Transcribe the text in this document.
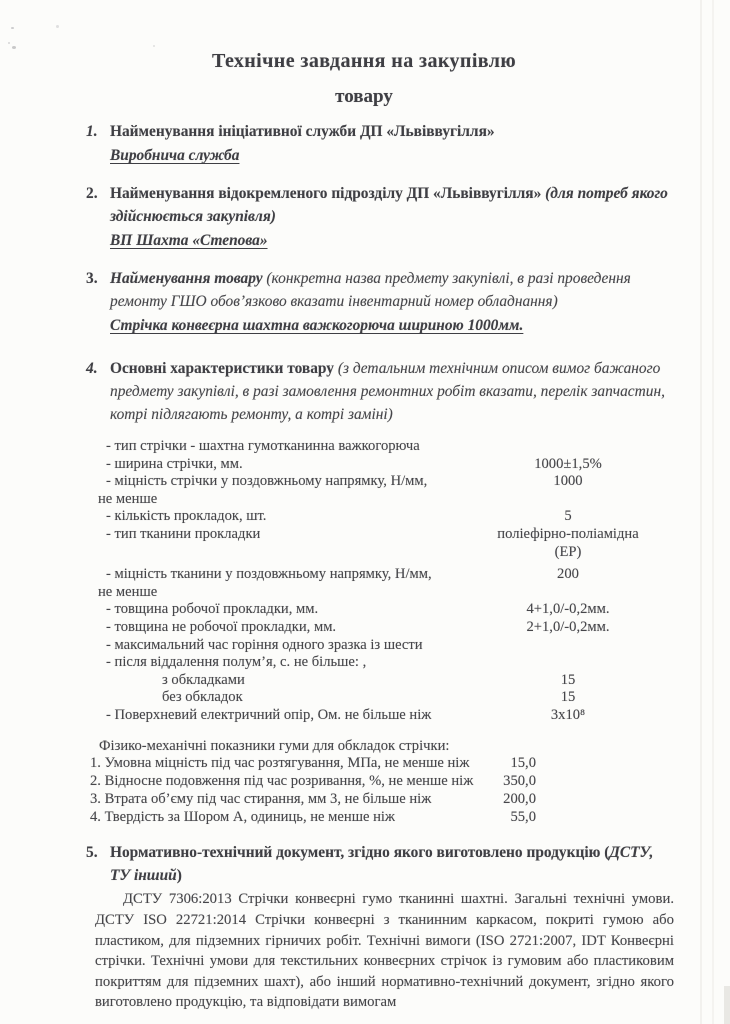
Технічне завдання на закупівлю
товару
1. Найменування ініціативної служби ДП «Львіввугілля»
Виробнича служба
2. Найменування відокремленого підрозділу ДП «Львіввугілля» (для потреб якого здійснюється закупівля)
ВП Шахта «Степова»
3. Найменування товару (конкретна назва предмету закупівлі, в разі проведення ремонту ГШО обов’язково вказати інвентарний номер обладнання)
Стрічка конвеєрна шахтна важкогорюча шириною 1000мм.
4. Основні характеристики товару (з детальним технічним описом вимог бажаного предмету закупівлі, в разі замовлення ремонтних робіт вказати, перелік запчастин, котрі підлягають ремонту, а котрі заміні)
- тип стрічки - шахтна гумотканинна важкогорюча
- ширина стрічки, мм.	1000±1,5%
- міцність стрічки у поздовжньому напрямку, Н/мм,	1000
не менше
- кількість прокладок, шт.	5
- тип тканини прокладки	поліефірно-поліамідна
(ЕР)
- міцність тканини у поздовжньому напрямку, Н/мм,	200
не менше
- товщина робочої прокладки, мм.	4+1,0/-0,2мм.
- товщина не робочої прокладки, мм.	2+1,0/-0,2мм.
- максимальний час горіння одного зразка із шести
- після віддалення полум’я, с. не більше: ,
з обкладками	15
без обкладок	15
- Поверхневий електричний опір, Ом. не більше ніж	3х10⁸
Фізико-механічні показники гуми для обкладок стрічки:
1. Умовна міцність під час розтягування, МПа, не менше ніж	15,0
2. Відносне подовження під час розривання, %, не менше ніж	350,0
3. Втрата об’єму під час стирання, мм 3, не більше ніж	200,0
4. Твердість за Шором А, одиниць, не менше ніж	55,0
5. Нормативно-технічний документ, згідно якого виготовлено продукцію (ДСТУ, ТУ інший)
ДСТУ 7306:2013 Стрічки конвеєрні гумо тканинні шахтні. Загальні технічні умови. ДСТУ ISO 22721:2014 Стрічки конвеєрні з тканинним каркасом, покриті гумою або пластиком, для підземних гірничих робіт. Технічні вимоги (ISO 2721:2007, IDT Конвеєрні стрічки. Технічні умови для текстильних конвеєрних стрічок із гумовим або пластиковим покриттям для підземних шахт), або інший нормативно-технічний документ, згідно якого виготовлено продукцію, та відповідати вимогам
